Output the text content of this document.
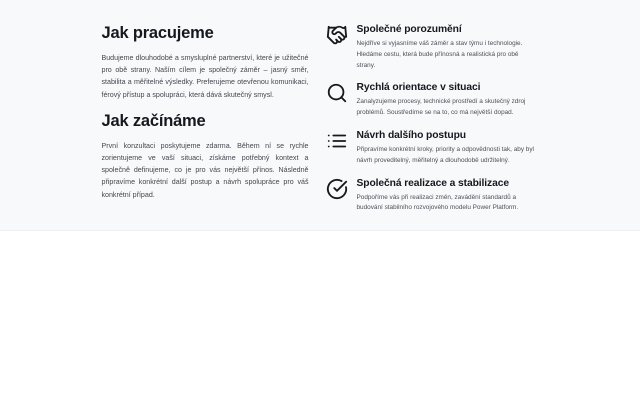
Jak pracujeme

Budujeme dlouhodobé a smysluplné partnerství, které je užitečné pro obě strany. Naším cílem je společný záměr – jasný směr, stabilita a měřitelné výsledky. Preferujeme otevřenou komunikaci, férový přístup a spolupráci, která dává skutečný smysl.

Jak začínáme

První konzultaci poskytujeme zdarma. Během ní se rychle zorientujeme ve vaší situaci, získáme potřebný kontext a společně definujeme, co je pro vás největší přínos. Následně připravíme konkrétní další postup a návrh spolupráce pro váš konkrétní případ.

Společné porozumění

Nejdříve si vyjasníme váš záměr a stav týmu i technologie. Hledáme cestu, která bude přínosná a realistická pro obě strany.

Rychlá orientace v situaci

Zanalyzujeme procesy, technické prostředí a skutečný zdroj problémů. Soustředíme se na to, co má největší dopad.

Návrh dalšího postupu

Připravíme konkrétní kroky, priority a odpovědnosti tak, aby byl návrh proveditelný, měřitelný a dlouhodobě udržitelný.

Společná realizace a stabilizace

Podpoříme vás při realizaci změn, zavádění standardů a budování stabilního rozvojového modelu Power Platform.
